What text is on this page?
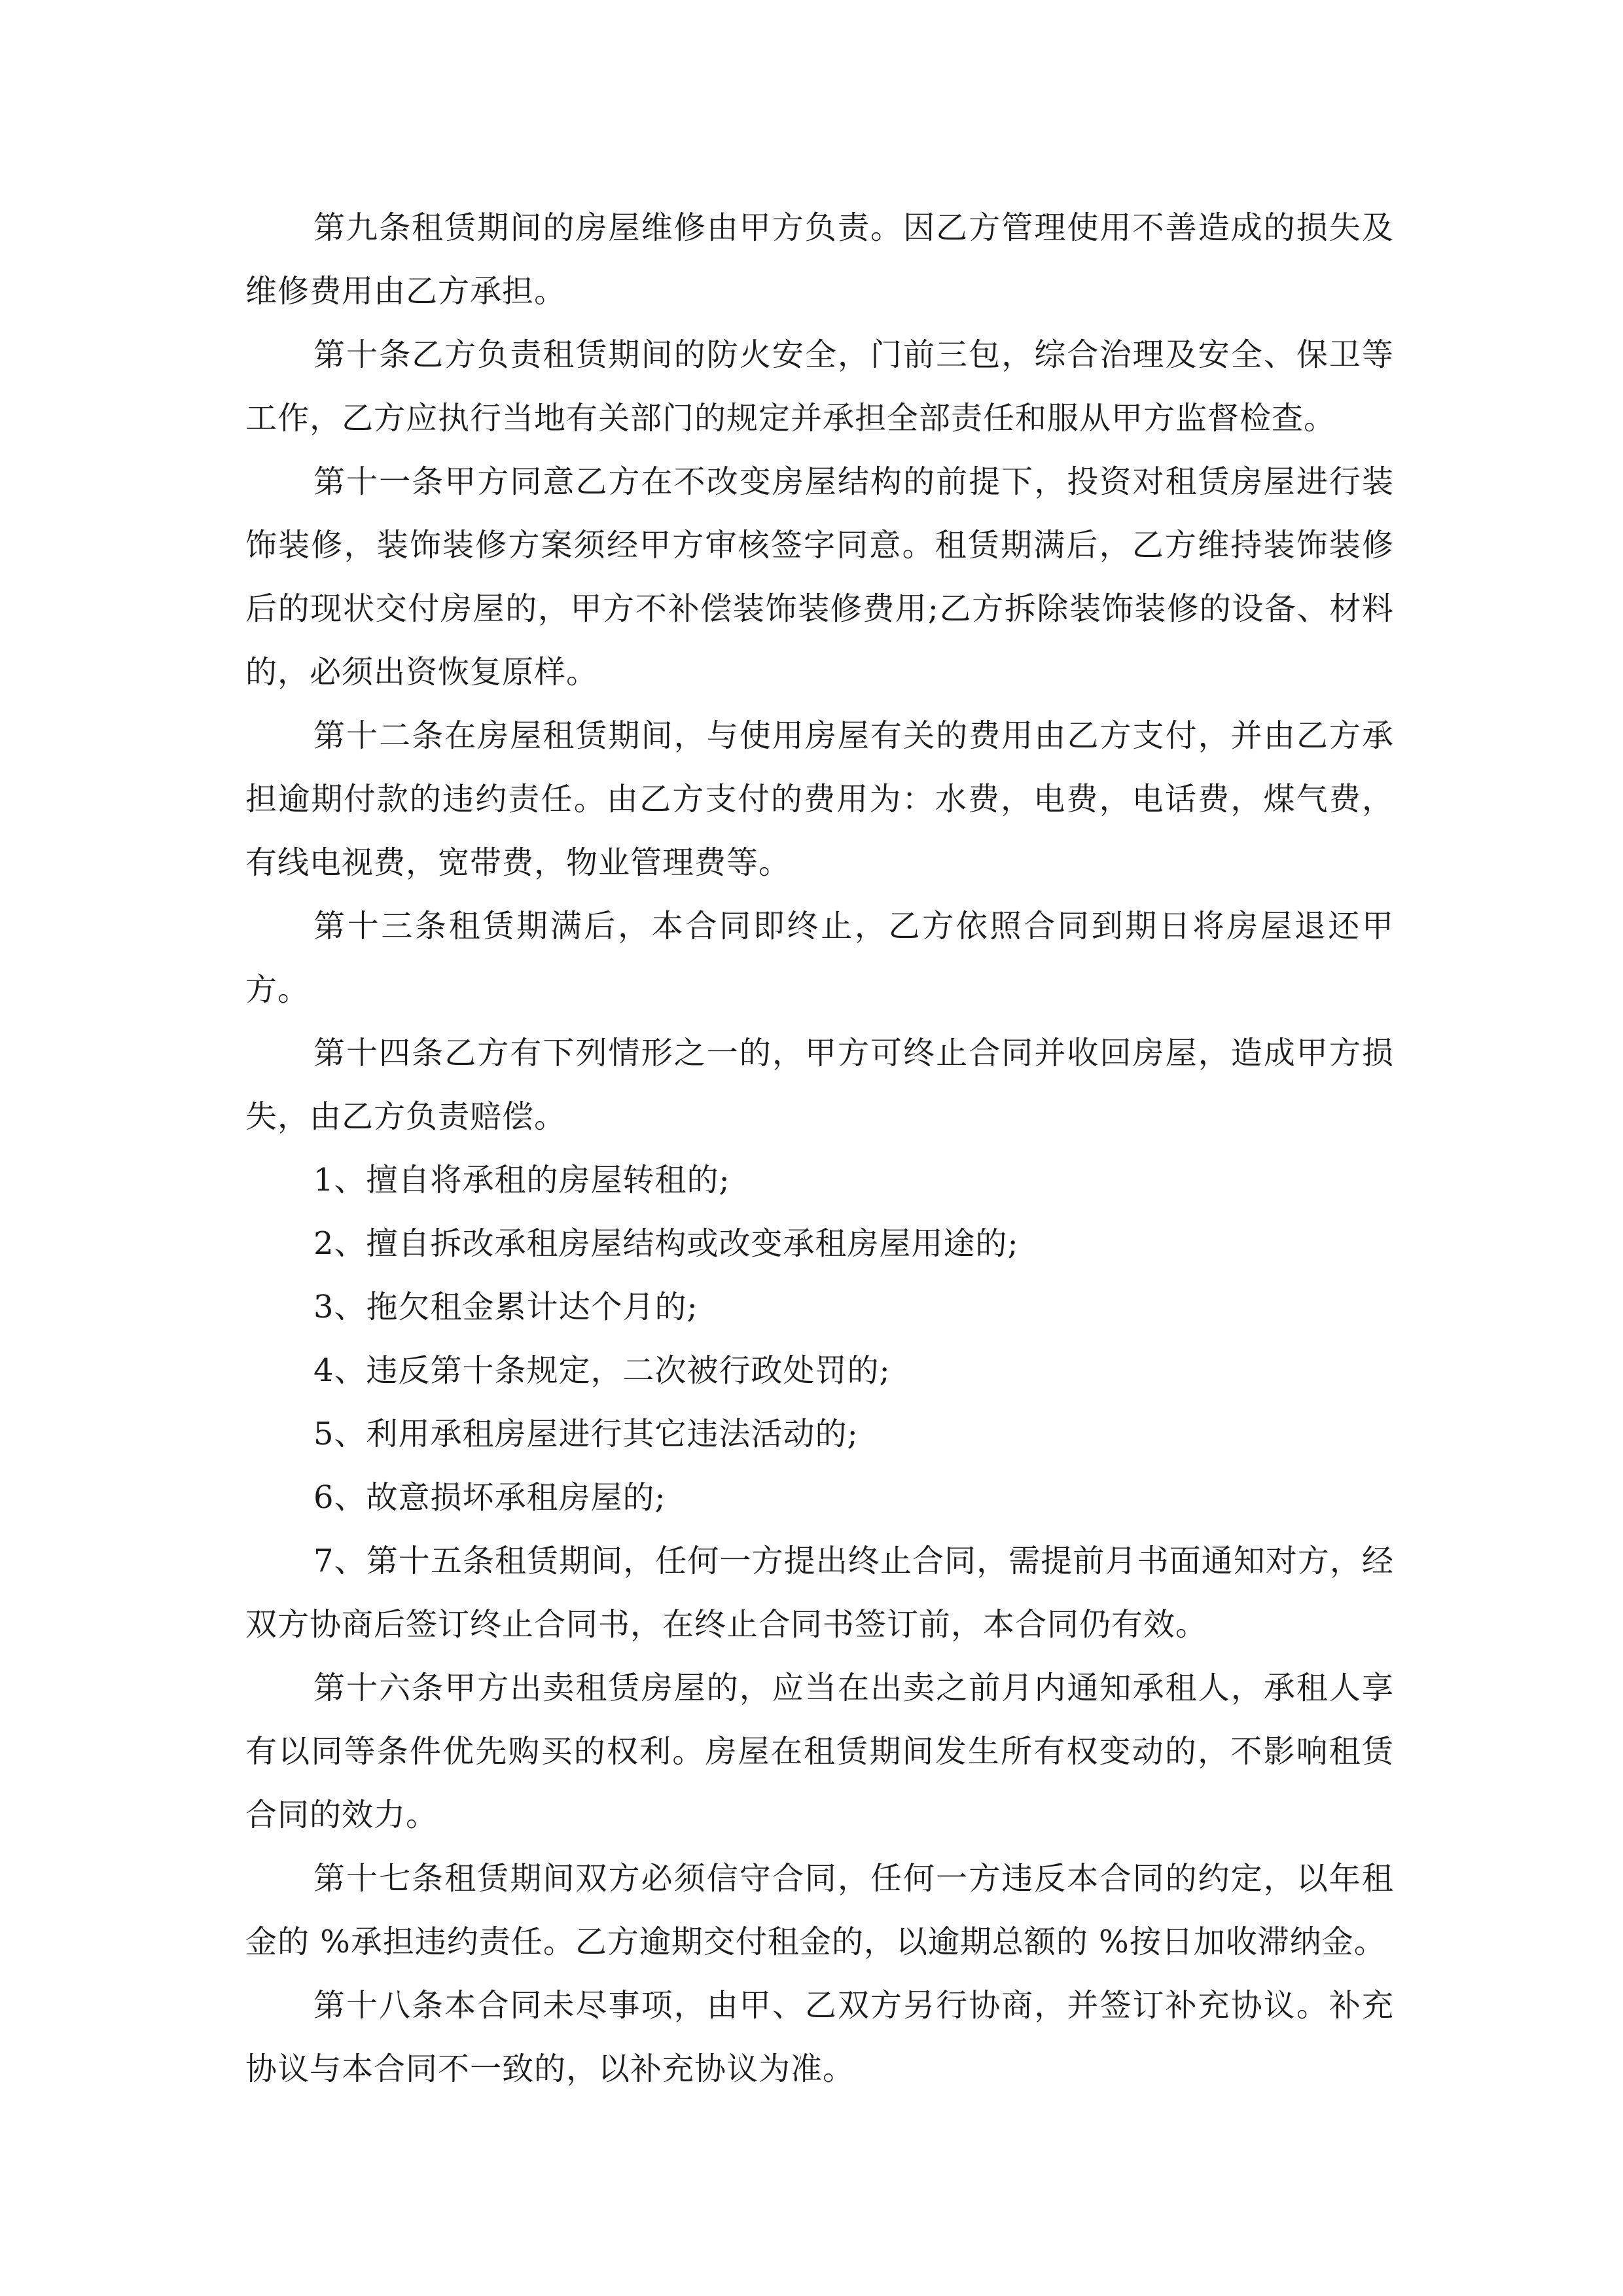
第九条租赁期间的房屋维修由甲方负责。因乙方管理使用不善造成的损失及维修费用由乙方承担。

第十条乙方负责租赁期间的防火安全，门前三包，综合治理及安全、保卫等工作，乙方应执行当地有关部门的规定并承担全部责任和服从甲方监督检查。

第十一条甲方同意乙方在不改变房屋结构的前提下，投资对租赁房屋进行装饰装修，装饰装修方案须经甲方审核签字同意。租赁期满后，乙方维持装饰装修后的现状交付房屋的，甲方不补偿装饰装修费用;乙方拆除装饰装修的设备、材料的，必须出资恢复原样。

第十二条在房屋租赁期间，与使用房屋有关的费用由乙方支付，并由乙方承担逾期付款的违约责任。由乙方支付的费用为：水费，电费，电话费，煤气费，有线电视费，宽带费，物业管理费等。

第十三条租赁期满后，本合同即终止，乙方依照合同到期日将房屋退还甲方。

第十四条乙方有下列情形之一的，甲方可终止合同并收回房屋，造成甲方损失，由乙方负责赔偿。

1、擅自将承租的房屋转租的;

2、擅自拆改承租房屋结构或改变承租房屋用途的;

3、拖欠租金累计达个月的;

4、违反第十条规定，二次被行政处罚的;

5、利用承租房屋进行其它违法活动的;

6、故意损坏承租房屋的;

7、第十五条租赁期间，任何一方提出终止合同，需提前月书面通知对方，经双方协商后签订终止合同书，在终止合同书签订前，本合同仍有效。

第十六条甲方出卖租赁房屋的，应当在出卖之前月内通知承租人，承租人享有以同等条件优先购买的权利。房屋在租赁期间发生所有权变动的，不影响租赁合同的效力。

第十七条租赁期间双方必须信守合同，任何一方违反本合同的约定，以年租金的 %承担违约责任。乙方逾期交付租金的，以逾期总额的 %按日加收滞纳金。

第十八条本合同未尽事项，由甲、乙双方另行协商，并签订补充协议。补充协议与本合同不一致的，以补充协议为准。
